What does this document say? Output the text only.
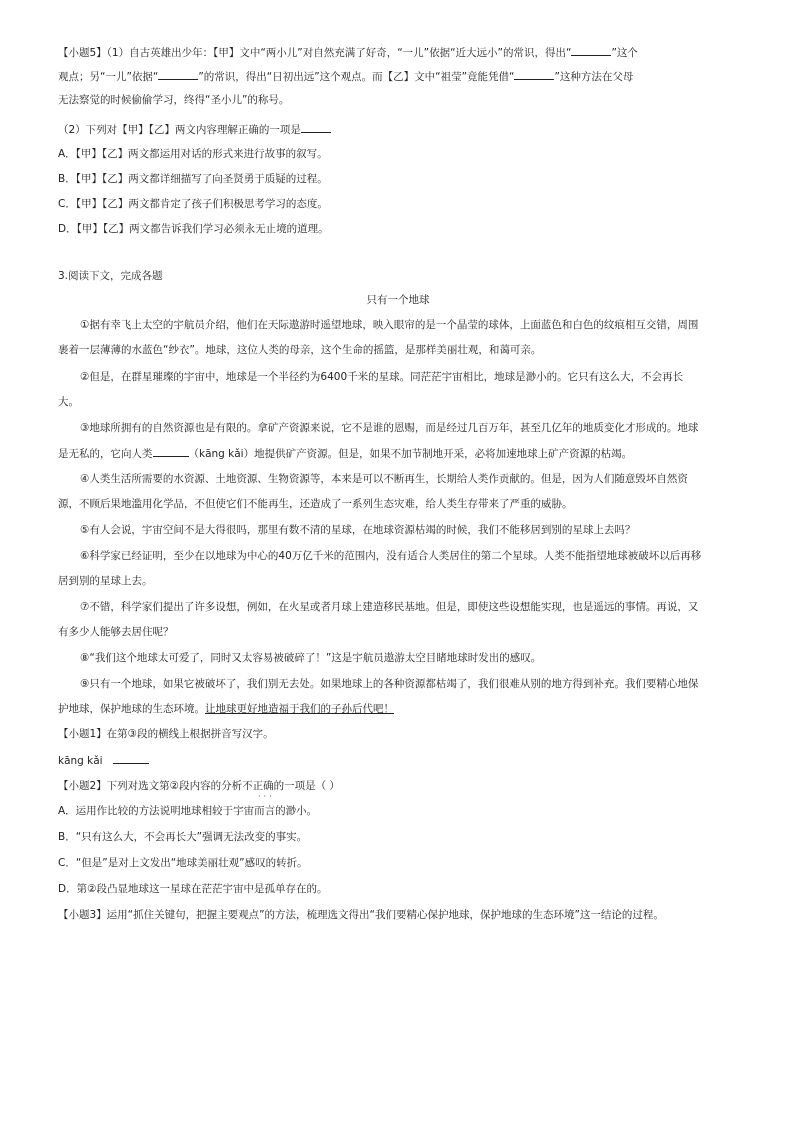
【小题5】（1）自古英雄出少年：【甲】文中“两小儿”对自然充满了好奇，“一儿”依据“近大远小”的常识，得出“	”这个
观点；另“一儿”依据“	”的常识，得出“日初出远”这个观点。而【乙】文中“祖莹”竟能凭借“	”这种方法在父母
无法察觉的时候偷偷学习，终得“圣小儿”的称号。
（2）下列对【甲】【乙】两文内容理解正确的一项是
A．【甲】【乙】两文都运用对话的形式来进行故事的叙写。
B．【甲】【乙】两文都详细描写了向圣贤勇于质疑的过程。
C．【甲】【乙】两文都肯定了孩子们积极思考学习的态度。
D．【甲】【乙】两文都告诉我们学习必须永无止境的道理。
3.阅读下文，完成各题
只有一个地球
①据有幸飞上太空的宇航员介绍，他们在天际遨游时遥望地球，映入眼帘的是一个晶莹的球体，上面蓝色和白色的纹痕相互交错，周围
裹着一层薄薄的水蓝色“纱衣”。地球，这位人类的母亲，这个生命的摇篮，是那样美丽壮观，和蔼可亲。
②但是，在群星璀璨的宇宙中，地球是一个半径约为6400千米的星球。同茫茫宇宙相比，地球是渺小的。它只有这么大，不会再长
大。
③地球所拥有的自然资源也是有限的。拿矿产资源来说，它不是谁的恩赐，而是经过几百万年，甚至几亿年的地质变化才形成的。地球
是无私的，它向人类	（kāng kǎi）地提供矿产资源。但是，如果不加节制地开采，必将加速地球上矿产资源的枯竭。
④人类生活所需要的水资源、土地资源、生物资源等，本来是可以不断再生，长期给人类作贡献的。但是，因为人们随意毁坏自然资
源，不顾后果地滥用化学品，不但使它们不能再生，还造成了一系列生态灾难，给人类生存带来了严重的威胁。
⑤有人会说，宇宙空间不是大得很吗，那里有数不清的星球，在地球资源枯竭的时候，我们不能移居到别的星球上去吗？
⑥科学家已经证明，至少在以地球为中心的40万亿千米的范围内，没有适合人类居住的第二个星球。人类不能指望地球被破坏以后再移
居到别的星球上去。
⑦不错，科学家们提出了许多设想，例如，在火星或者月球上建造移民基地。但是，即使这些设想能实现，也是遥远的事情。再说，又
有多少人能够去居住呢？
⑧“我们这个地球太可爱了，同时又太容易被破碎了！”这是宇航员遨游太空目睹地球时发出的感叹。
⑨只有一个地球，如果它被破坏了，我们别无去处。如果地球上的各种资源都枯竭了，我们很难从别的地方得到补充。我们要精心地保
护地球，保护地球的生态环境。让地球更好地造福于我们的子孙后代吧！
【小题1】在第③段的横线上根据拼音写汉字。
kāng kǎi
【小题2】下列对选文第②段内容的分析不正确的一项是（ ）
···
A．运用作比较的方法说明地球相较于宇宙而言的渺小。
B．“只有这么大，不会再长大”强调无法改变的事实。
C．“但是”是对上文发出“地球美丽壮观”感叹的转折。
D．第②段凸显地球这一星球在茫茫宇宙中是孤单存在的。
【小题3】运用“抓住关键句，把握主要观点”的方法，梳理选文得出“我们要精心保护地球，保护地球的生态环境”这一结论的过程。
